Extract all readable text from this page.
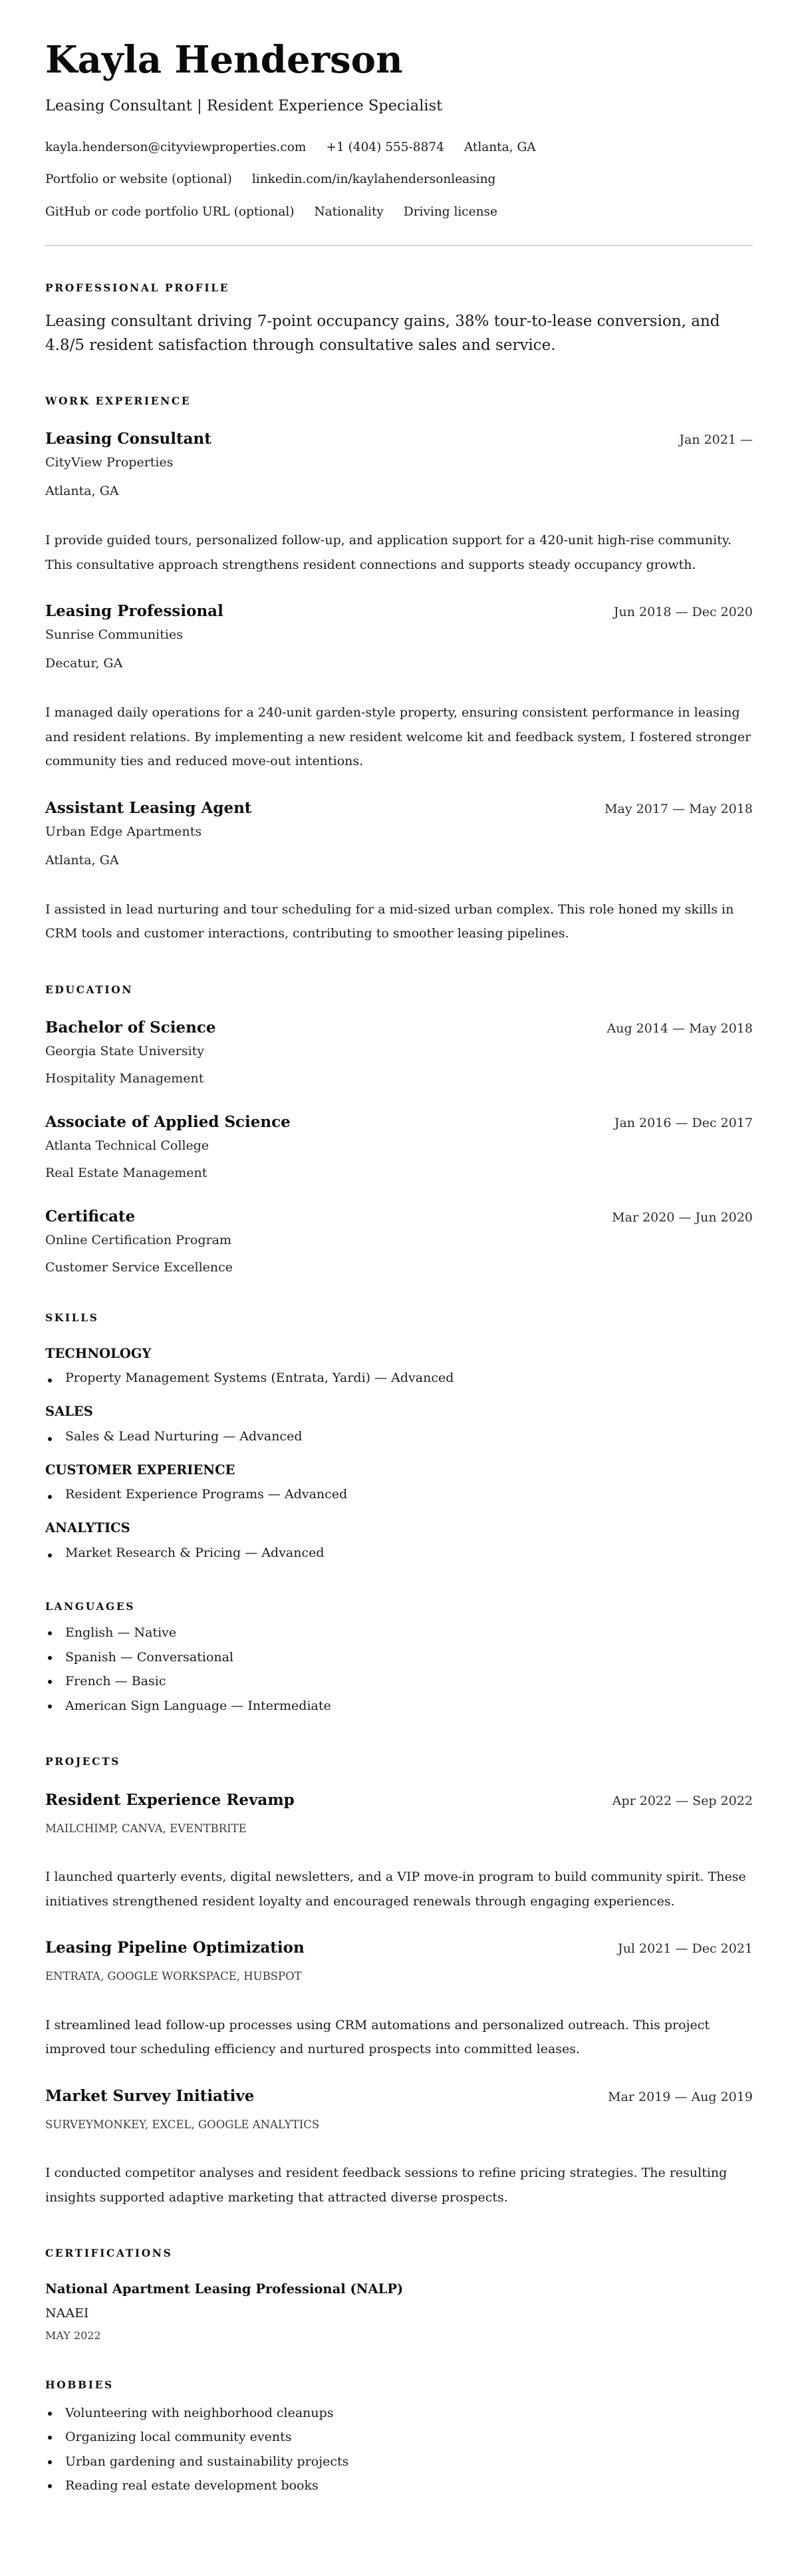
Kayla Henderson
Leasing Consultant | Resident Experience Specialist
kayla.henderson@cityviewproperties.com +1 (404) 555-8874 Atlanta, GA
Portfolio or website (optional) linkedin.com/in/kaylahendersonleasing
GitHub or code portfolio URL (optional) Nationality Driving license
PROFESSIONAL PROFILE

Leasing consultant driving 7-point occupancy gains, 38% tour-to-lease conversion, and 4.8/5 resident satisfaction through consultative sales and service.

WORK EXPERIENCE
Leasing Consultant	Jan 2021 —
CityView Properties
Atlanta, GA
I provide guided tours, personalized follow-up, and application support for a 420-unit high-rise community. This consultative approach strengthens resident connections and supports steady occupancy growth.
Leasing Professional	Jun 2018 — Dec 2020
Sunrise Communities
Decatur, GA
I managed daily operations for a 240-unit garden-style property, ensuring consistent performance in leasing and resident relations. By implementing a new resident welcome kit and feedback system, I fostered stronger community ties and reduced move-out intentions.
Assistant Leasing Agent	May 2017 — May 2018
Urban Edge Apartments
Atlanta, GA
I assisted in lead nurturing and tour scheduling for a mid-sized urban complex. This role honed my skills in CRM tools and customer interactions, contributing to smoother leasing pipelines.
EDUCATION
Bachelor of Science	Aug 2014 — May 2018
Georgia State University
Hospitality Management
Associate of Applied Science	Jan 2016 — Dec 2017
Atlanta Technical College
Real Estate Management
Certificate	Mar 2020 — Jun 2020
Online Certification Program
Customer Service Excellence
SKILLS
TECHNOLOGY
Property Management Systems (Entrata, Yardi) — Advanced
SALES
Sales & Lead Nurturing — Advanced
CUSTOMER EXPERIENCE
Resident Experience Programs — Advanced
ANALYTICS
Market Research & Pricing — Advanced
LANGUAGES
English — Native
Spanish — Conversational
French — Basic
American Sign Language — Intermediate
PROJECTS
Resident Experience Revamp	Apr 2022 — Sep 2022
MAILCHIMP, CANVA, EVENTBRITE
I launched quarterly events, digital newsletters, and a VIP move-in program to build community spirit. These initiatives strengthened resident loyalty and encouraged renewals through engaging experiences.
Leasing Pipeline Optimization	Jul 2021 — Dec 2021
ENTRATA, GOOGLE WORKSPACE, HUBSPOT
I streamlined lead follow-up processes using CRM automations and personalized outreach. This project improved tour scheduling efficiency and nurtured prospects into committed leases.
Market Survey Initiative	Mar 2019 — Aug 2019
SURVEYMONKEY, EXCEL, GOOGLE ANALYTICS
I conducted competitor analyses and resident feedback sessions to refine pricing strategies. The resulting insights supported adaptive marketing that attracted diverse prospects.
CERTIFICATIONS
National Apartment Leasing Professional (NALP)
NAAEI
MAY 2022
HOBBIES
Volunteering with neighborhood cleanups
Organizing local community events
Urban gardening and sustainability projects
Reading real estate development books
